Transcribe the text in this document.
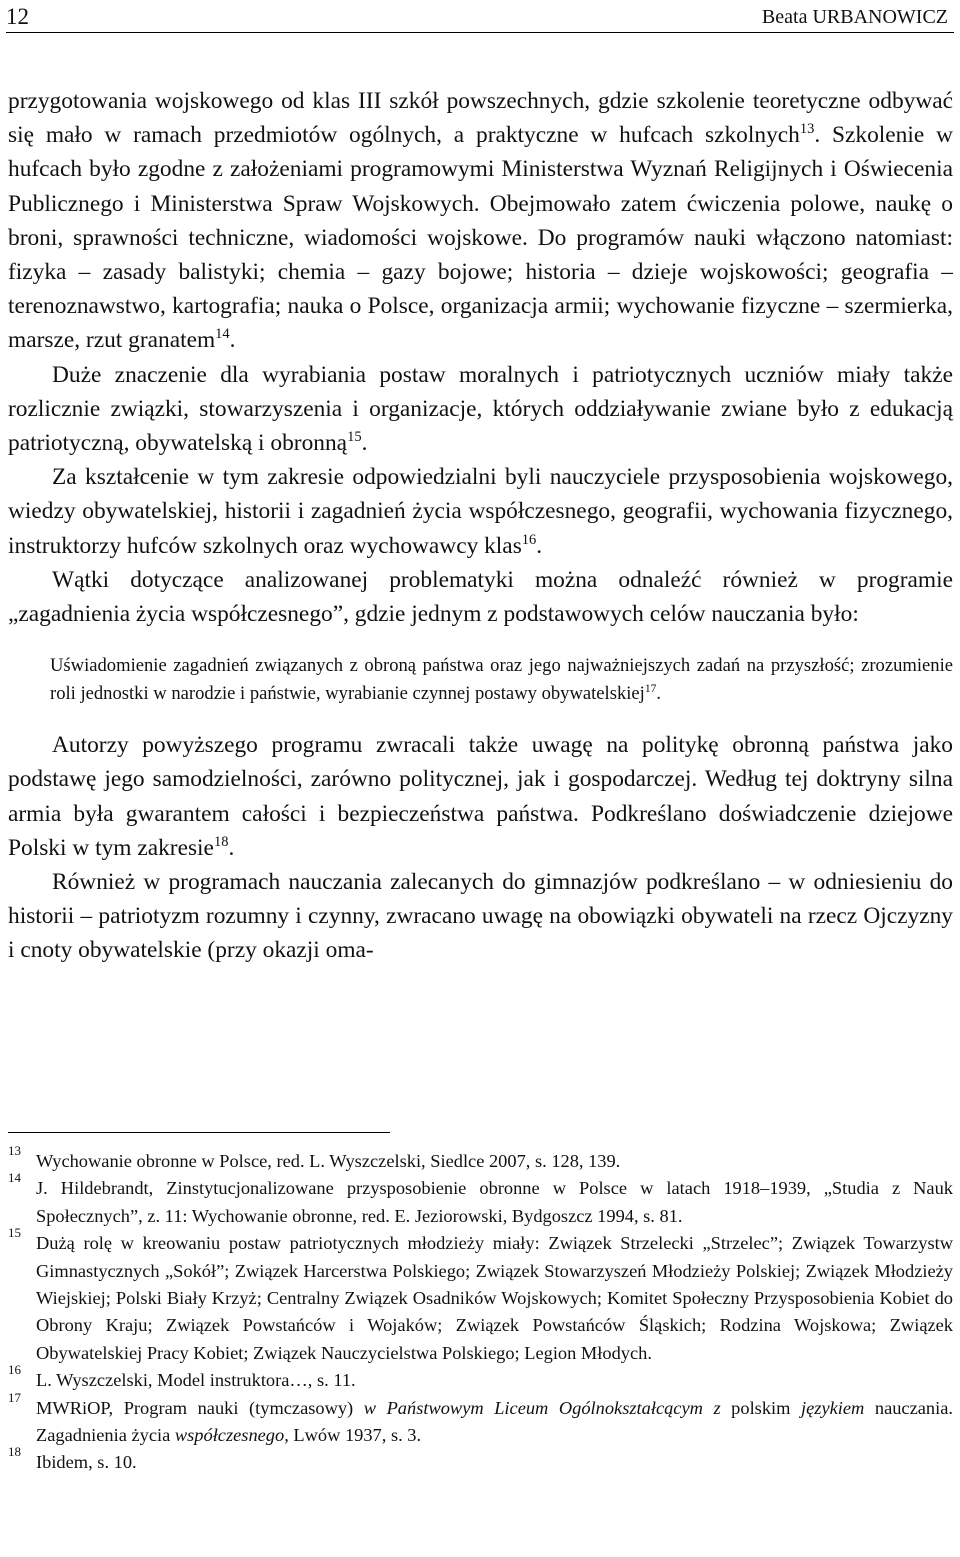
12	Beata URBANOWICZ

przygotowania wojskowego od klas III szkół powszechnych, gdzie szkolenie teoretyczne odbywać się mało w ramach przedmiotów ogólnych, a praktyczne w hufcach szkolnych$^{13}$. Szkolenie w hufcach było zgodne z założeniami programowymi Ministerstwa Wyznań Religijnych i Oświecenia Publicznego i Ministerstwa Spraw Wojskowych. Obejmowało zatem ćwiczenia polowe, naukę o broni, sprawności techniczne, wiadomości wojskowe. Do programów nauki włączono natomiast: fizyka – zasady balistyki; chemia – gazy bojowe; historia – dzieje wojskowości; geografia – terenoznawstwo, kartografia; nauka o Polsce, organizacja armii; wychowanie fizyczne – szermierka, marsze, rzut granatem$^{14}$.

Duże znaczenie dla wyrabiania postaw moralnych i patriotycznych uczniów miały także rozlicznie związki, stowarzyszenia i organizacje, których oddziaływanie zwiane było z edukacją patriotyczną, obywatelską i obronną$^{15}$.

Za kształcenie w tym zakresie odpowiedzialni byli nauczyciele przysposobienia wojskowego, wiedzy obywatelskiej, historii i zagadnień życia współczesnego, geografii, wychowania fizycznego, instruktorzy hufców szkolnych oraz wychowawcy klas$^{16}$.

Wątki dotyczące analizowanej problematyki można odnaleźć również w programie „zagadnienia życia współczesnego”, gdzie jednym z podstawowych celów nauczania było:

Uświadomienie zagadnień związanych z obroną państwa oraz jego najważniejszych zadań na przyszłość; zrozumienie roli jednostki w narodzie i państwie, wyrabianie czynnej postawy obywatelskiej$^{17}$.

Autorzy powyższego programu zwracali także uwagę na politykę obronną państwa jako podstawę jego samodzielności, zarówno politycznej, jak i gospodarczej. Według tej doktryny silna armia była gwarantem całości i bezpieczeństwa państwa. Podkreślano doświadczenie dziejowe Polski w tym zakresie$^{18}$.

Również w programach nauczania zalecanych do gimnazjów podkreślano – w odniesieniu do historii – patriotyzm rozumny i czynny, zwracano uwagę na obowiązki obywateli na rzecz Ojczyzny i cnoty obywatelskie (przy okazji oma-

13
Wychowanie obronne w Polsce, red. L. Wyszczelski, Siedlce 2007, s. 128, 139.
14
J. Hildebrandt, Zinstytucjonalizowane przysposobienie obronne w Polsce w latach 1918–1939, „Studia z Nauk Społecznych”, z. 11: Wychowanie obronne, red. E. Jeziorowski, Bydgoszcz 1994, s. 81.
15
Dużą rolę w kreowaniu postaw patriotycznych młodzieży miały: Związek Strzelecki „Strzelec”; Związek Towarzystw Gimnastycznych „Sokół”; Związek Harcerstwa Polskiego; Związek Stowarzyszeń Młodzieży Polskiej; Związek Młodzieży Wiejskiej; Polski Biały Krzyż; Centralny Związek Osadników Wojskowych; Komitet Społeczny Przysposobienia Kobiet do Obrony Kraju; Związek Powstańców i Wojaków; Związek Powstańców Śląskich; Rodzina Wojskowa; Związek Obywatelskiej Pracy Kobiet; Związek Nauczycielstwa Polskiego; Legion Młodych.
16
L. Wyszczelski, Model instruktora…, s. 11.
17
MWRiOP, Program nauki (tymczasowy) w Państwowym Liceum Ogólnokształcącym z polskim językiem nauczania. Zagadnienia życia współczesnego, Lwów 1937, s. 3.
18
Ibidem, s. 10.
